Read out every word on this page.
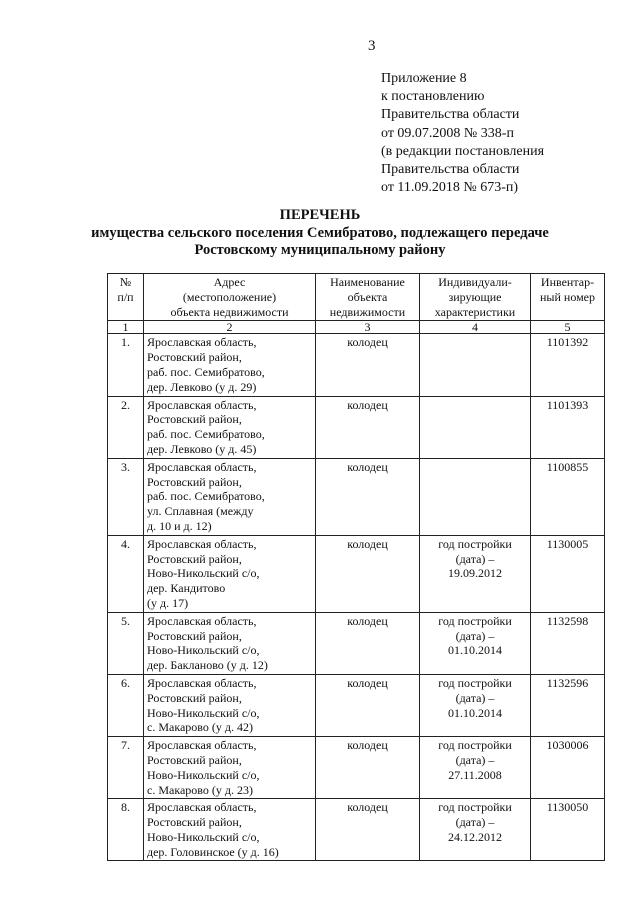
3
Приложение 8
к постановлению
Правительства области
от 09.07.2008 № 338-п
(в редакции постановления
Правительства области
от 11.09.2018 № 673-п)
ПЕРЕЧЕНЬ
имущества сельского поселения Семибратово, подлежащего передаче
Ростовскому муниципальному району
№
п/п	Адрес
(местоположение)
объекта недвижимости	Наименование
объекта
недвижимости	Индивидуали-
зирующие
характеристики	Инвентар-
ный номер

1	2	3	4	5
1.	Ярославская область,
Ростовский район,
раб. пос. Семибратово,
дер. Левково (у д. 29)	колодец		1101392
2.	Ярославская область,
Ростовский район,
раб. пос. Семибратово,
дер. Левково (у д. 45)	колодец		1101393
3.	Ярославская область,
Ростовский район,
раб. пос. Семибратово,
ул. Сплавная (между
д. 10 и д. 12)	колодец		1100855
4.	Ярославская область,
Ростовский район,
Ново-Никольский с/о,
дер. Кандитово
(у д. 17)	колодец	год постройки
(дата) –
19.09.2012	1130005
5.	Ярославская область,
Ростовский район,
Ново-Никольский с/о,
дер. Бакланово (у д. 12)	колодец	год постройки
(дата) –
01.10.2014	1132598
6.	Ярославская область,
Ростовский район,
Ново-Никольский с/о,
с. Макарово (у д. 42)	колодец	год постройки
(дата) –
01.10.2014	1132596
7.	Ярославская область,
Ростовский район,
Ново-Никольский с/о,
с. Макарово (у д. 23)	колодец	год постройки
(дата) –
27.11.2008	1030006
8.	Ярославская область,
Ростовский район,
Ново-Никольский с/о,
дер. Головинское (у д. 16)	колодец	год постройки
(дата) –
24.12.2012	1130050
